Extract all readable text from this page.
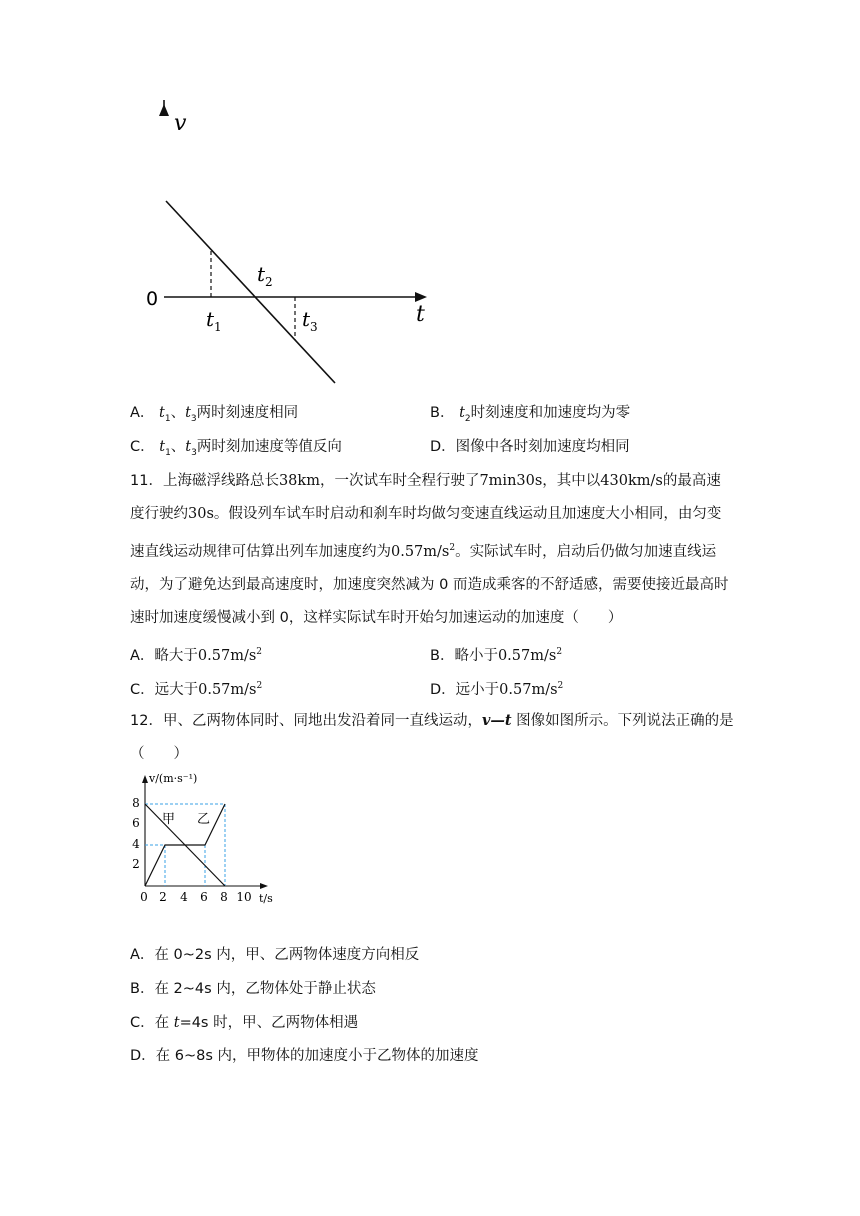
v
t
0
$t_1$
$t_2$
$t_3$
A． $t_1$、$t_3$两时刻速度相同	B． $t_2$时刻速度和加速度均为零
C． $t_1$、$t_3$两时刻加速度等值反向	D．图像中各时刻加速度均相同
11．上海磁浮线路总长38km，一次试车时全程行驶了7min30s，其中以430km/s的最高速度行驶约30s。假设列车试车时启动和刹车时均做匀变速直线运动且加速度大小相同，由匀变速直线运动规律可估算出列车加速度约为$0.57m/s^2$。实际试车时，启动后仍做匀加速直线运动，为了避免达到最高速度时，加速度突然减为 0 而造成乘客的不舒适感，需要使接近最高时速时加速度缓慢减小到 0，这样实际试车时开始匀加速运动的加速度（　　）
A．略大于$0.57m/s^2$	B．略小于$0.57m/s^2$
C．远大于$0.57m/s^2$	D．远小于$0.57m/s^2$
12．甲、乙两物体同时、同地出发沿着同一直线运动，v—t 图像如图所示。下列说法正确的是（　　）
v/(m·s⁻¹)
t/s
0 2 4 6 8 10
2
4
6
8
甲 乙
A．在 0~2s 内，甲、乙两物体速度方向相反
B．在 2~4s 内，乙物体处于静止状态
C．在 t=4s 时，甲、乙两物体相遇
D．在 6~8s 内，甲物体的加速度小于乙物体的加速度
